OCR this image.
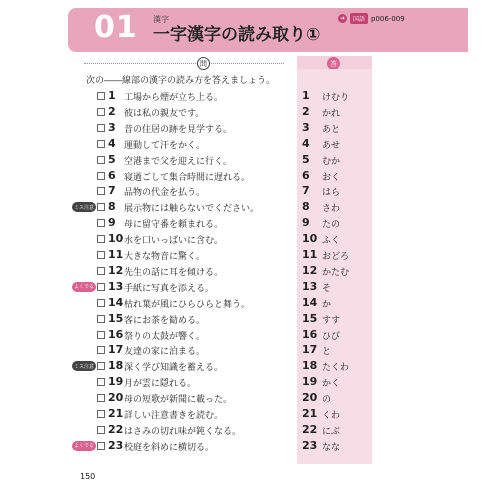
01 漢字
一字漢字の読み取り①
➜	国語 p006-009
問	答
次の――線部の漢字の読み方を答えましょう。
1 工場から煙が立ち上る。	1	けむり
2 彼は私の親友です。	2	かれ
3 昔の住居の跡を見学する。	3	あと
4 運動して汗をかく。	4	あせ
5 空港まで父を迎えに行く。	5	むか
6 寝過ごして集合時間に遅れる。	6	おく
7 品物の代金を払う。	7	はら
ミス注意 8 展示物には触らないでください。	8	さわ
9 母に留守番を頼まれる。	9	たの
10 水を口いっぱいに含む。	10 ふく
11 大きな物音に驚く。	11 おどろ
12 先生の話に耳を傾ける。	12 かたむ
よくでる 13 手紙に写真を添える。	13 そ
14 枯れ葉が風にひらひらと舞う。	14 か
15 客にお茶を勧める。	15 すす
16 祭りの太鼓が響く。	16 ひび
17 友達の家に泊まる。	17 と
ミス注意 18 深く学び知識を蓄える。	18 たくわ
19 月が雲に隠れる。	19 かく
20 母の短歌が新聞に載った。	20 の
21 詳しい注意書きを読む。	21 くわ
22 はさみの切れ味が鈍くなる。	22 にぶ
よくでる 23 校庭を斜めに横切る。	23 なな
150
